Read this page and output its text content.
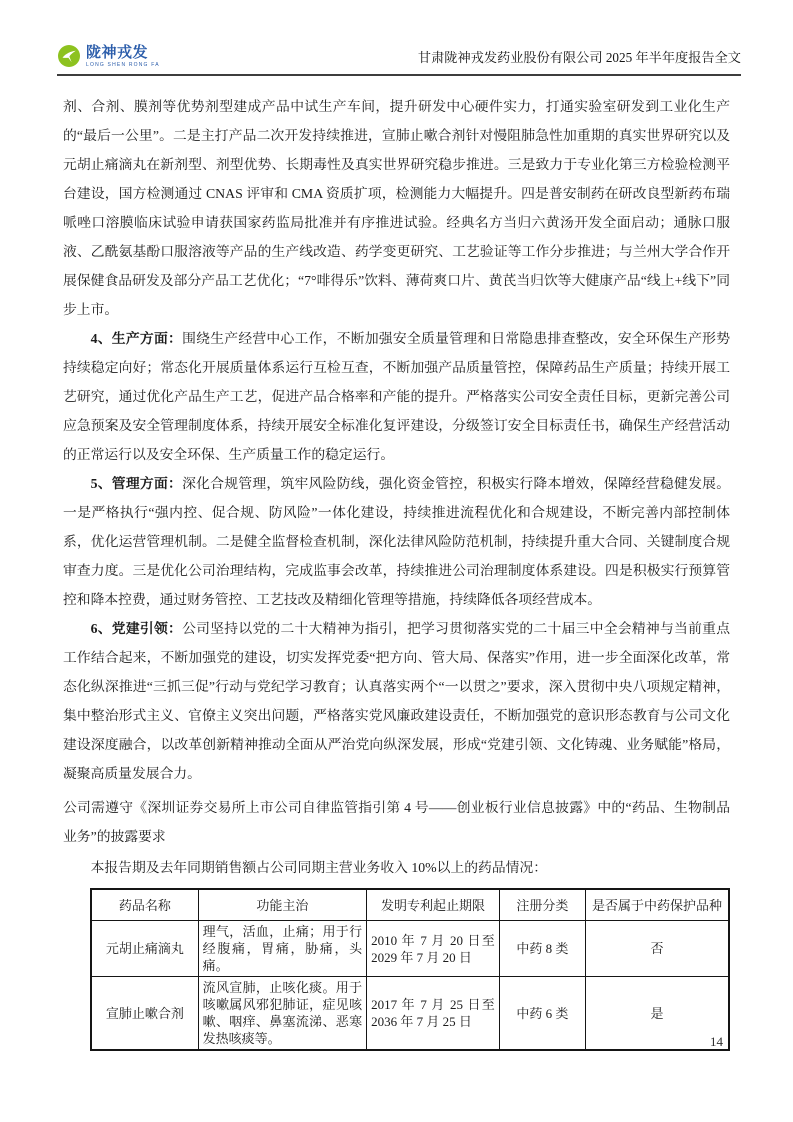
陇神戎发
LONG SHEN RONG FA	甘肃陇神戎发药业股份有限公司 2025 年半年度报告全文

剂、合剂、膜剂等优势剂型建成产品中试生产车间，提升研发中心硬件实力，打通实验室研发到工业化生产的“最后一公里”。二是主打产品二次开发持续推进，宣肺止嗽合剂针对慢阻肺急性加重期的真实世界研究以及元胡止痛滴丸在新剂型、剂型优势、长期毒性及真实世界研究稳步推进。三是致力于专业化第三方检验检测平台建设，国方检测通过 CNAS 评审和 CMA 资质扩项，检测能力大幅提升。四是普安制药在研改良型新药布瑞哌唑口溶膜临床试验申请获国家药监局批准并有序推进试验。经典名方当归六黄汤开发全面启动；通脉口服液、乙酰氨基酚口服溶液等产品的生产线改造、药学变更研究、工艺验证等工作分步推进；与兰州大学合作开展保健食品研发及部分产品工艺优化；“7°啡得乐”饮料、薄荷爽口片、黄芪当归饮等大健康产品“线上+线下”同步上市。

4、生产方面：围绕生产经营中心工作，不断加强安全质量管理和日常隐患排查整改，安全环保生产形势持续稳定向好；常态化开展质量体系运行互检互查，不断加强产品质量管控，保障药品生产质量；持续开展工艺研究，通过优化产品生产工艺，促进产品合格率和产能的提升。严格落实公司安全责任目标，更新完善公司应急预案及安全管理制度体系，持续开展安全标准化复评建设，分级签订安全目标责任书，确保生产经营活动的正常运行以及安全环保、生产质量工作的稳定运行。

5、管理方面：深化合规管理，筑牢风险防线，强化资金管控，积极实行降本增效，保障经营稳健发展。一是严格执行“强内控、促合规、防风险”一体化建设，持续推进流程优化和合规建设，不断完善内部控制体系，优化运营管理机制。二是健全监督检查机制，深化法律风险防范机制，持续提升重大合同、关键制度合规审查力度。三是优化公司治理结构，完成监事会改革，持续推进公司治理制度体系建设。四是积极实行预算管控和降本控费，通过财务管控、工艺技改及精细化管理等措施，持续降低各项经营成本。

6、党建引领：公司坚持以党的二十大精神为指引，把学习贯彻落实党的二十届三中全会精神与当前重点工作结合起来，不断加强党的建设，切实发挥党委“把方向、管大局、保落实”作用，进一步全面深化改革，常态化纵深推进“三抓三促”行动与党纪学习教育；认真落实两个“一以贯之”要求，深入贯彻中央八项规定精神，集中整治形式主义、官僚主义突出问题，严格落实党风廉政建设责任，不断加强党的意识形态教育与公司文化建设深度融合，以改革创新精神推动全面从严治党向纵深发展，形成“党建引领、文化铸魂、业务赋能”格局，凝聚高质量发展合力。

公司需遵守《深圳证券交易所上市公司自律监管指引第 4 号——创业板行业信息披露》中的“药品、生物制品业务”的披露要求

本报告期及去年同期销售额占公司同期主营业务收入 10%以上的药品情况：

药品名称	功能主治	发明专利起止期限	注册分类	是否属于中药保护品种
元胡止痛滴丸	理气，活血，止痛；用于行经腹痛，胃痛，胁痛，头痛。	2010 年 7 月 20 日至 2029 年 7 月 20 日	中药 8 类	否
宣肺止嗽合剂	流风宣肺，止咳化痰。用于咳嗽属风邪犯肺证，症见咳嗽、咽痒、鼻塞流涕、恶寒发热咳痰等。	2017 年 7 月 25 日至 2036 年 7 月 25 日	中药 6 类	是
14
